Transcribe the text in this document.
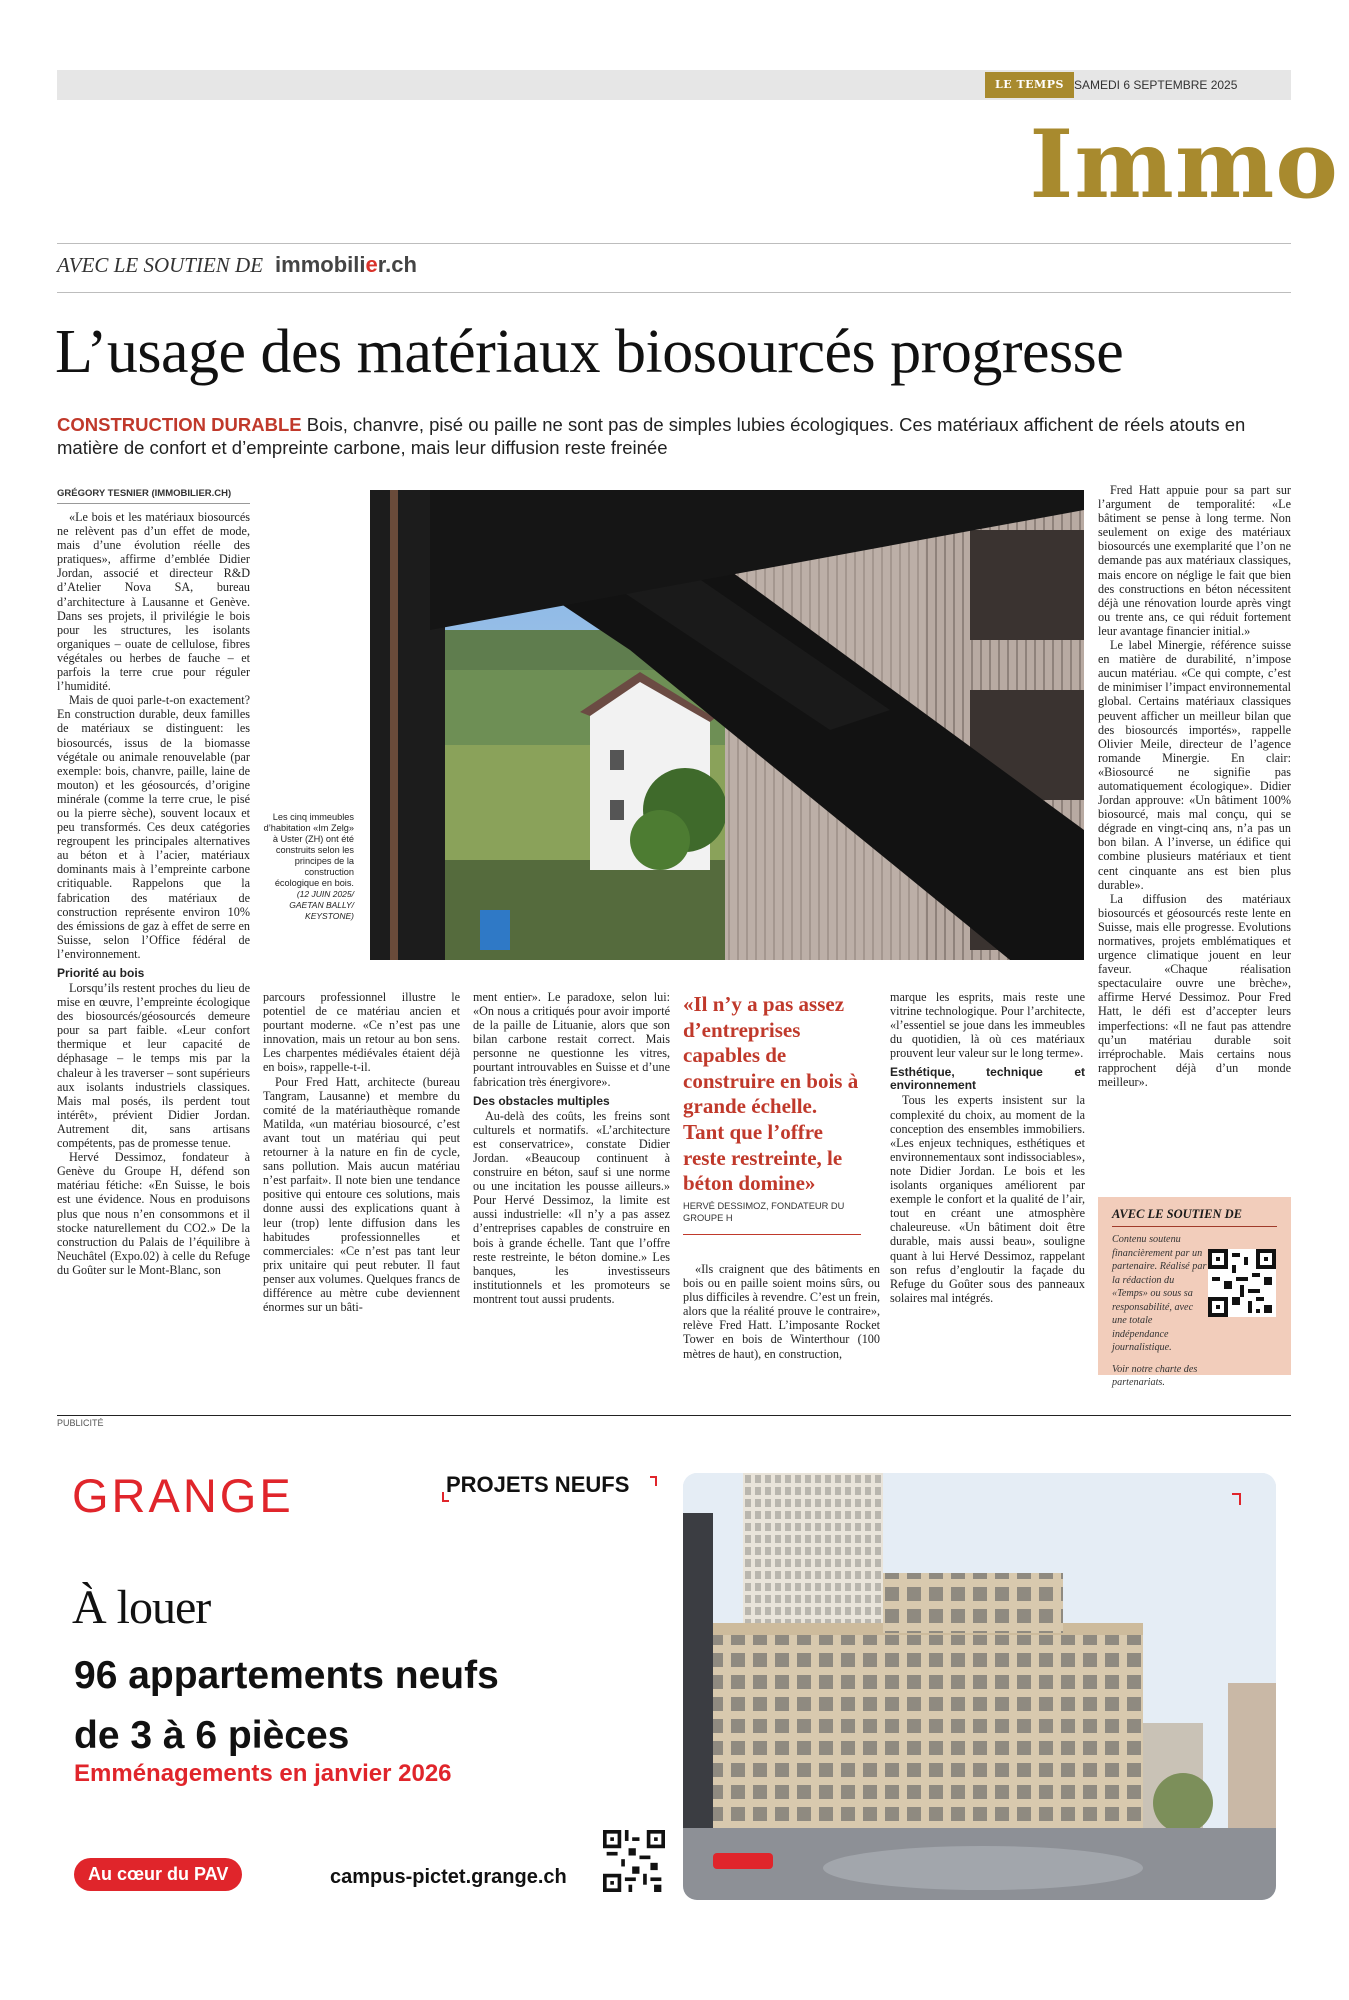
LE TEMPS SAMEDI 6 SEPTEMBRE 2025
Immo
AVEC LE SOUTIEN DE immobilier.ch
L’usage des matériaux biosourcés progresse
CONSTRUCTION DURABLE Bois, chanvre, pisé ou paille ne sont pas de simples lubies écologiques. Ces matériaux affichent de réels atouts en matière de confort et d’empreinte carbone, mais leur diffusion reste freinée
GRÉGORY TESNIER (IMMOBILIER.CH)

«Le bois et les matériaux biosourcés ne relèvent pas d’un effet de mode, mais d’une évolution réelle des pratiques», affirme d’emblée Didier Jordan, associé et directeur R&D d’Atelier Nova SA, bureau d’architecture à Lausanne et Genève. Dans ses projets, il privilégie le bois pour les structures, les isolants organiques – ouate de cellulose, fibres végétales ou herbes de fauche – et parfois la terre crue pour réguler l’humidité.

Mais de quoi parle-t-on exactement? En construction durable, deux familles de matériaux se distinguent: les biosourcés, issus de la biomasse végétale ou animale renouvelable (par exemple: bois, chanvre, paille, laine de mouton) et les géosourcés, d’origine minérale (comme la terre crue, le pisé ou la pierre sèche), souvent locaux et peu transformés. Ces deux catégories regroupent les principales alternatives au béton et à l’acier, matériaux dominants mais à l’empreinte carbone critiquable. Rappelons que la fabrication des matériaux de construction représente environ 10% des émissions de gaz à effet de serre en Suisse, selon l’Office fédéral de l’environnement.

Priorité au bois

Lorsqu’ils restent proches du lieu de mise en œuvre, l’empreinte écologique des biosourcés/géosourcés demeure pour sa part faible. «Leur confort thermique et leur capacité de déphasage – le temps mis par la chaleur à les traverser – sont supérieurs aux isolants industriels classiques. Mais mal posés, ils perdent tout intérêt», prévient Didier Jordan. Autrement dit, sans artisans compétents, pas de promesse tenue.

Hervé Dessimoz, fondateur à Genève du Groupe H, défend son matériau fétiche: «En Suisse, le bois est une évidence. Nous en produisons plus que nous n’en consommons et il stocke naturellement du CO2.» De la construction du Palais de l’équilibre à Neuchâtel (Expo.02) à celle du Refuge du Goûter sur le Mont-Blanc, son

Les cinq immeubles d’habitation «Im Zelg» à Uster (ZH) ont été construits selon les principes de la construction écologique en bois.
(12 JUIN 2025/ GAETAN BALLY/ KEYSTONE)

parcours professionnel illustre le potentiel de ce matériau ancien et pourtant moderne. «Ce n’est pas une innovation, mais un retour au bon sens. Les charpentes médiévales étaient déjà en bois», rappelle-t-il.

Pour Fred Hatt, architecte (bureau Tangram, Lausanne) et membre du comité de la matériauthèque romande Matilda, «un matériau biosourcé, c’est avant tout un matériau qui peut retourner à la nature en fin de cycle, sans pollution. Mais aucun matériau n’est parfait». Il note bien une tendance positive qui entoure ces solutions, mais donne aussi des explications quant à leur (trop) lente diffusion dans les habitudes professionnelles et commerciales: «Ce n’est pas tant leur prix unitaire qui peut rebuter. Il faut penser aux volumes. Quelques francs de différence au mètre cube deviennent énormes sur un bâti-

ment entier». Le paradoxe, selon lui: «On nous a critiqués pour avoir importé de la paille de Lituanie, alors que son bilan carbone restait correct. Mais personne ne questionne les vitres, pourtant introuvables en Suisse et d’une fabrication très énergivore».

Des obstacles multiples

Au-delà des coûts, les freins sont culturels et normatifs. «L’architecture est conservatrice», constate Didier Jordan. «Beaucoup continuent à construire en béton, sauf si une norme ou une incitation les pousse ailleurs.» Pour Hervé Dessimoz, la limite est aussi industrielle: «Il n’y a pas assez d’entreprises capables de construire en bois à grande échelle. Tant que l’offre reste restreinte, le béton domine.» Les banques, les investisseurs institutionnels et les promoteurs se montrent tout aussi prudents.

«Il n’y a pas assez d’entreprises capables de construire en bois à grande échelle. Tant que l’offre reste restreinte, le béton domine»
HERVÉ DESSIMOZ, FONDATEUR DU GROUPE H

«Ils craignent que des bâtiments en bois ou en paille soient moins sûrs, ou plus difficiles à revendre. C’est un frein, alors que la réalité prouve le contraire», relève Fred Hatt. L’imposante Rocket Tower en bois de Winterthour (100 mètres de haut), en construction,

marque les esprits, mais reste une vitrine technologique. Pour l’architecte, «l’essentiel se joue dans les immeubles du quotidien, là où ces matériaux prouvent leur valeur sur le long terme».

Esthétique, technique et environnement

Tous les experts insistent sur la complexité du choix, au moment de la conception des ensembles immobiliers. «Les enjeux techniques, esthétiques et environnementaux sont indissociables», note Didier Jordan. Le bois et les isolants organiques améliorent par exemple le confort et la qualité de l’air, tout en créant une atmosphère chaleureuse. «Un bâtiment doit être durable, mais aussi beau», souligne quant à lui Hervé Dessimoz, rappelant son refus d’engloutir la façade du Refuge du Goûter sous des panneaux solaires mal intégrés.

Fred Hatt appuie pour sa part sur l’argument de temporalité: «Le bâtiment se pense à long terme. Non seulement on exige des matériaux biosourcés une exemplarité que l’on ne demande pas aux matériaux classiques, mais encore on néglige le fait que bien des constructions en béton nécessitent déjà une rénovation lourde après vingt ou trente ans, ce qui réduit fortement leur avantage financier initial.»

Le label Minergie, référence suisse en matière de durabilité, n’impose aucun matériau. «Ce qui compte, c’est de minimiser l’impact environnemental global. Certains matériaux classiques peuvent afficher un meilleur bilan que des biosourcés importés», rappelle Olivier Meile, directeur de l’agence romande Minergie. En clair: «Biosourcé ne signifie pas automatiquement écologique». Didier Jordan approuve: «Un bâtiment 100% biosourcé, mais mal conçu, qui se dégrade en vingt-cinq ans, n’a pas un bon bilan. A l’inverse, un édifice qui combine plusieurs matériaux et tient cent cinquante ans est bien plus durable».

La diffusion des matériaux biosourcés et géosourcés reste lente en Suisse, mais elle progresse. Evolutions normatives, projets emblématiques et urgence climatique jouent en leur faveur. «Chaque réalisation spectaculaire ouvre une brèche», affirme Hervé Dessimoz. Pour Fred Hatt, le défi est d’accepter leurs imperfections: «Il ne faut pas attendre qu’un matériau durable soit irréprochable. Mais certains nous rapprochent déjà d’un monde meilleur».

AVEC LE SOUTIEN DE
Contenu soutenu financièrement par un partenaire. Réalisé par la rédaction du «Temps» ou sous sa responsabilité, avec une totale indépendance journalistique.
Voir notre charte des partenariats.
PUBLICITÉ
GRANGE	PROJETS NEUFS
À louer
96 appartements neufs
de 3 à 6 pièces
Emménagements en janvier 2026
Au cœur du PAV	campus-pictet.grange.ch
